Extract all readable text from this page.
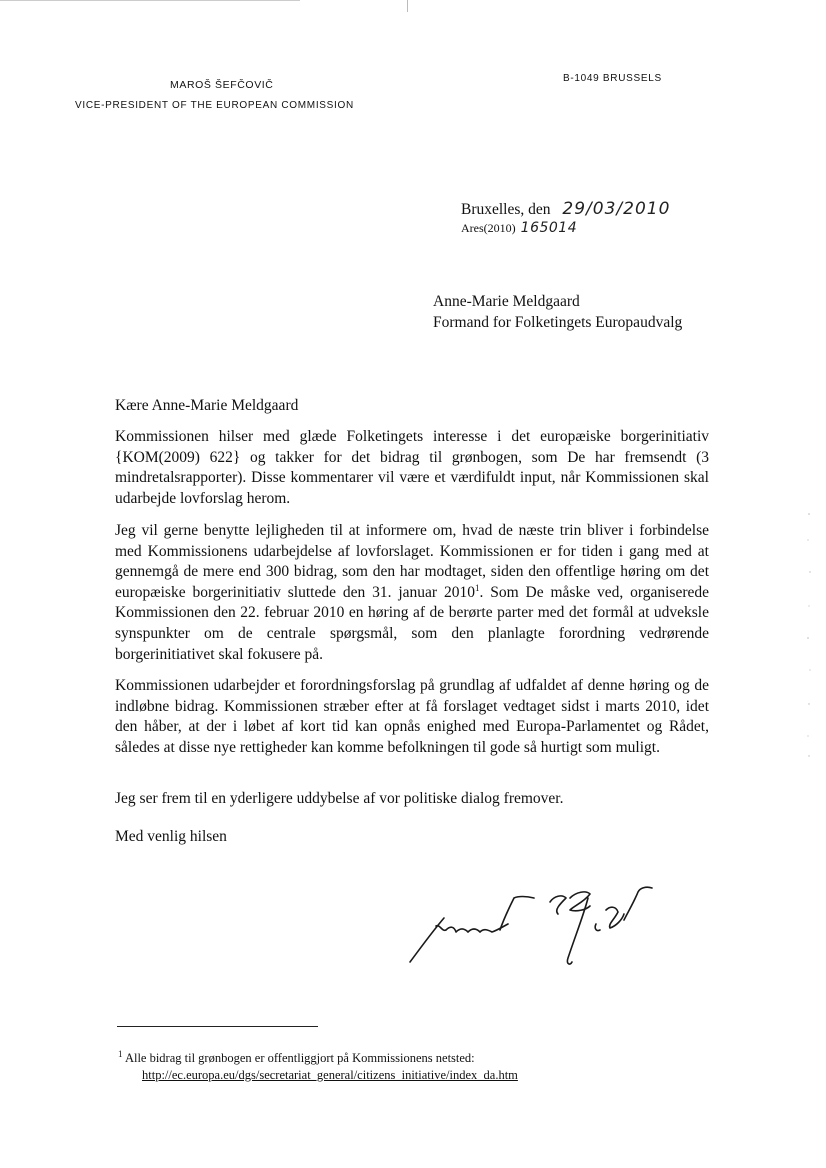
MAROŠ ŠEFČOVIČ
VICE-PRESIDENT OF THE EUROPEAN COMMISSION
B-1049 BRUSSELS
Bruxelles, den 29/03/2010
Ares(2010) 165014
Anne-Marie Meldgaard
Formand for Folketingets Europaudvalg
Kære Anne-Marie Meldgaard
Kommissionen hilser med glæde Folketingets interesse i det europæiske borgerinitiativ {KOM(2009) 622} og takker for det bidrag til grønbogen, som De har fremsendt (3 mindretalsrapporter). Disse kommentarer vil være et værdifuldt input, når Kommissionen skal udarbejde lovforslag herom.
Jeg vil gerne benytte lejligheden til at informere om, hvad de næste trin bliver i forbindelse med Kommissionens udarbejdelse af lovforslaget. Kommissionen er for tiden i gang med at gennemgå de mere end 300 bidrag, som den har modtaget, siden den offentlige høring om det europæiske borgerinitiativ sluttede den 31. januar 2010$^1$. Som De måske ved, organiserede Kommissionen den 22. februar 2010 en høring af de berørte parter med det formål at udveksle synspunkter om de centrale spørgsmål, som den planlagte forordning vedrørende borgerinitiativet skal fokusere på.
Kommissionen udarbejder et forordningsforslag på grundlag af udfaldet af denne høring og de indløbne bidrag. Kommissionen stræber efter at få forslaget vedtaget sidst i marts 2010, idet den håber, at der i løbet af kort tid kan opnås enighed med Europa-Parlamentet og Rådet, således at disse nye rettigheder kan komme befolkningen til gode så hurtigt som muligt.
Jeg ser frem til en yderligere uddybelse af vor politiske dialog fremover.
Med venlig hilsen
$^1$ Alle bidrag til grønbogen er offentliggjort på Kommissionens netsted:
http://ec.europa.eu/dgs/secretariat_general/citizens_initiative/index_da.htm
